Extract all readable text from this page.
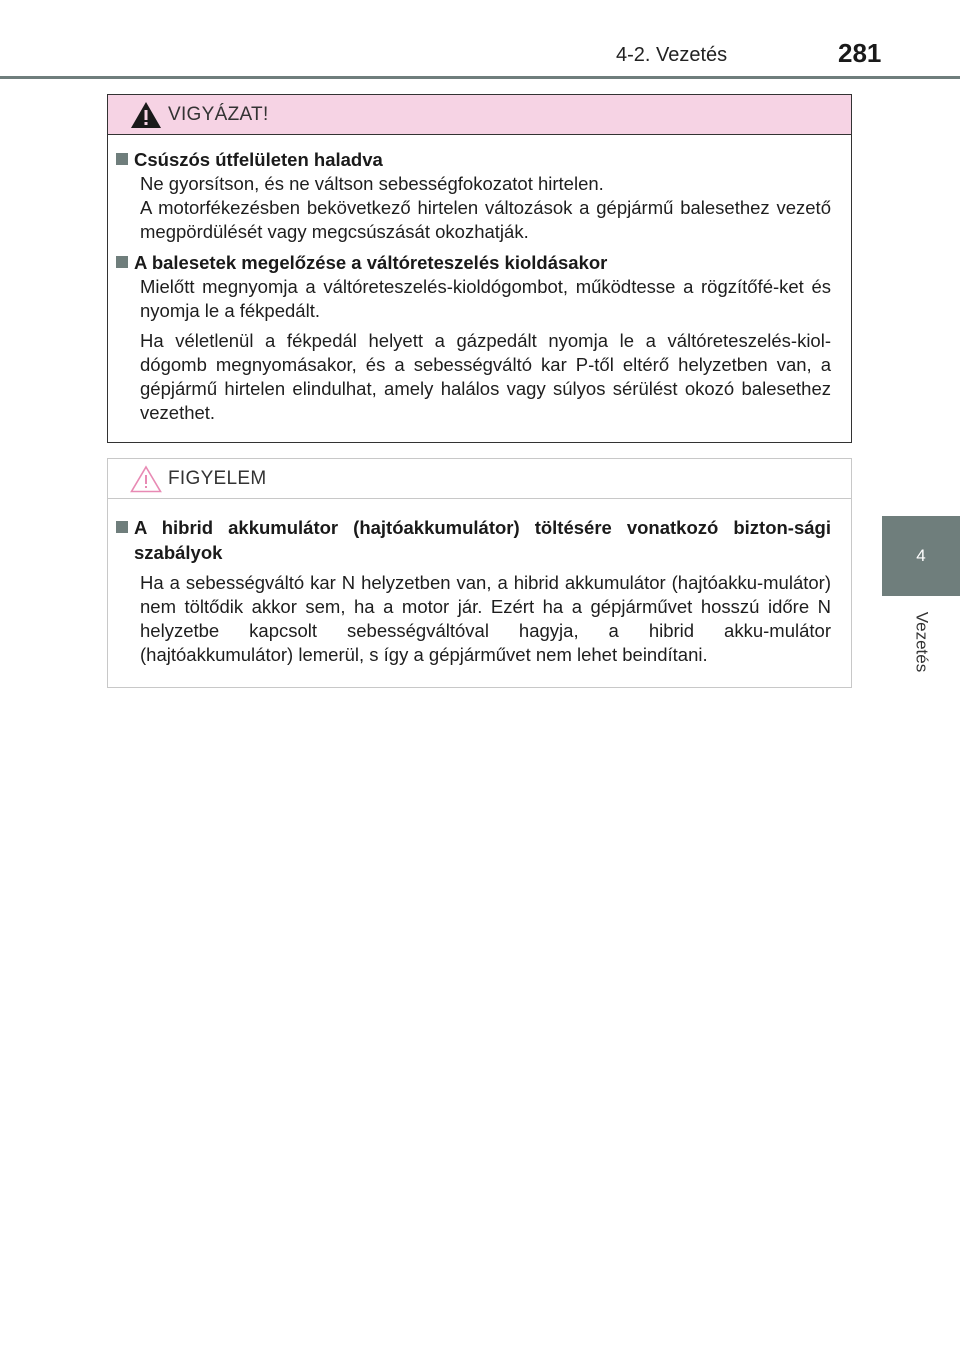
4-2. Vezetés	281
4
Vezetés
VIGYÁZAT!
Csúszós útfelületen haladva

Ne gyorsítson, és ne váltson sebességfokozatot hirtelen.

A motorfékezésben bekövetkező hirtelen változások a gépjármű balesethez vezető megpördülését vagy megcsúszását okozhatják.

A balesetek megelőzése a váltóreteszelés kioldásakor

Mielőtt megnyomja a váltóreteszelés-kioldógombot, működtesse a rögzítőfé-ket és nyomja le a fékpedált.

Ha véletlenül a fékpedál helyett a gázpedált nyomja le a váltóreteszelés-kiol-dógomb megnyomásakor, és a sebességváltó kar P-től eltérő helyzetben van, a gépjármű hirtelen elindulhat, amely halálos vagy súlyos sérülést okozó balesethez vezethet.

FIGYELEM
A hibrid akkumulátor (hajtóakkumulátor) töltésére vonatkozó bizton-sági szabályok

Ha a sebességváltó kar N helyzetben van, a hibrid akkumulátor (hajtóakku-mulátor) nem töltődik akkor sem, ha a motor jár. Ezért ha a gépjárművet hosszú időre N helyzetbe kapcsolt sebességváltóval hagyja, a hibrid akku-mulátor (hajtóakkumulátor) lemerül, s így a gépjárművet nem lehet beindítani.
